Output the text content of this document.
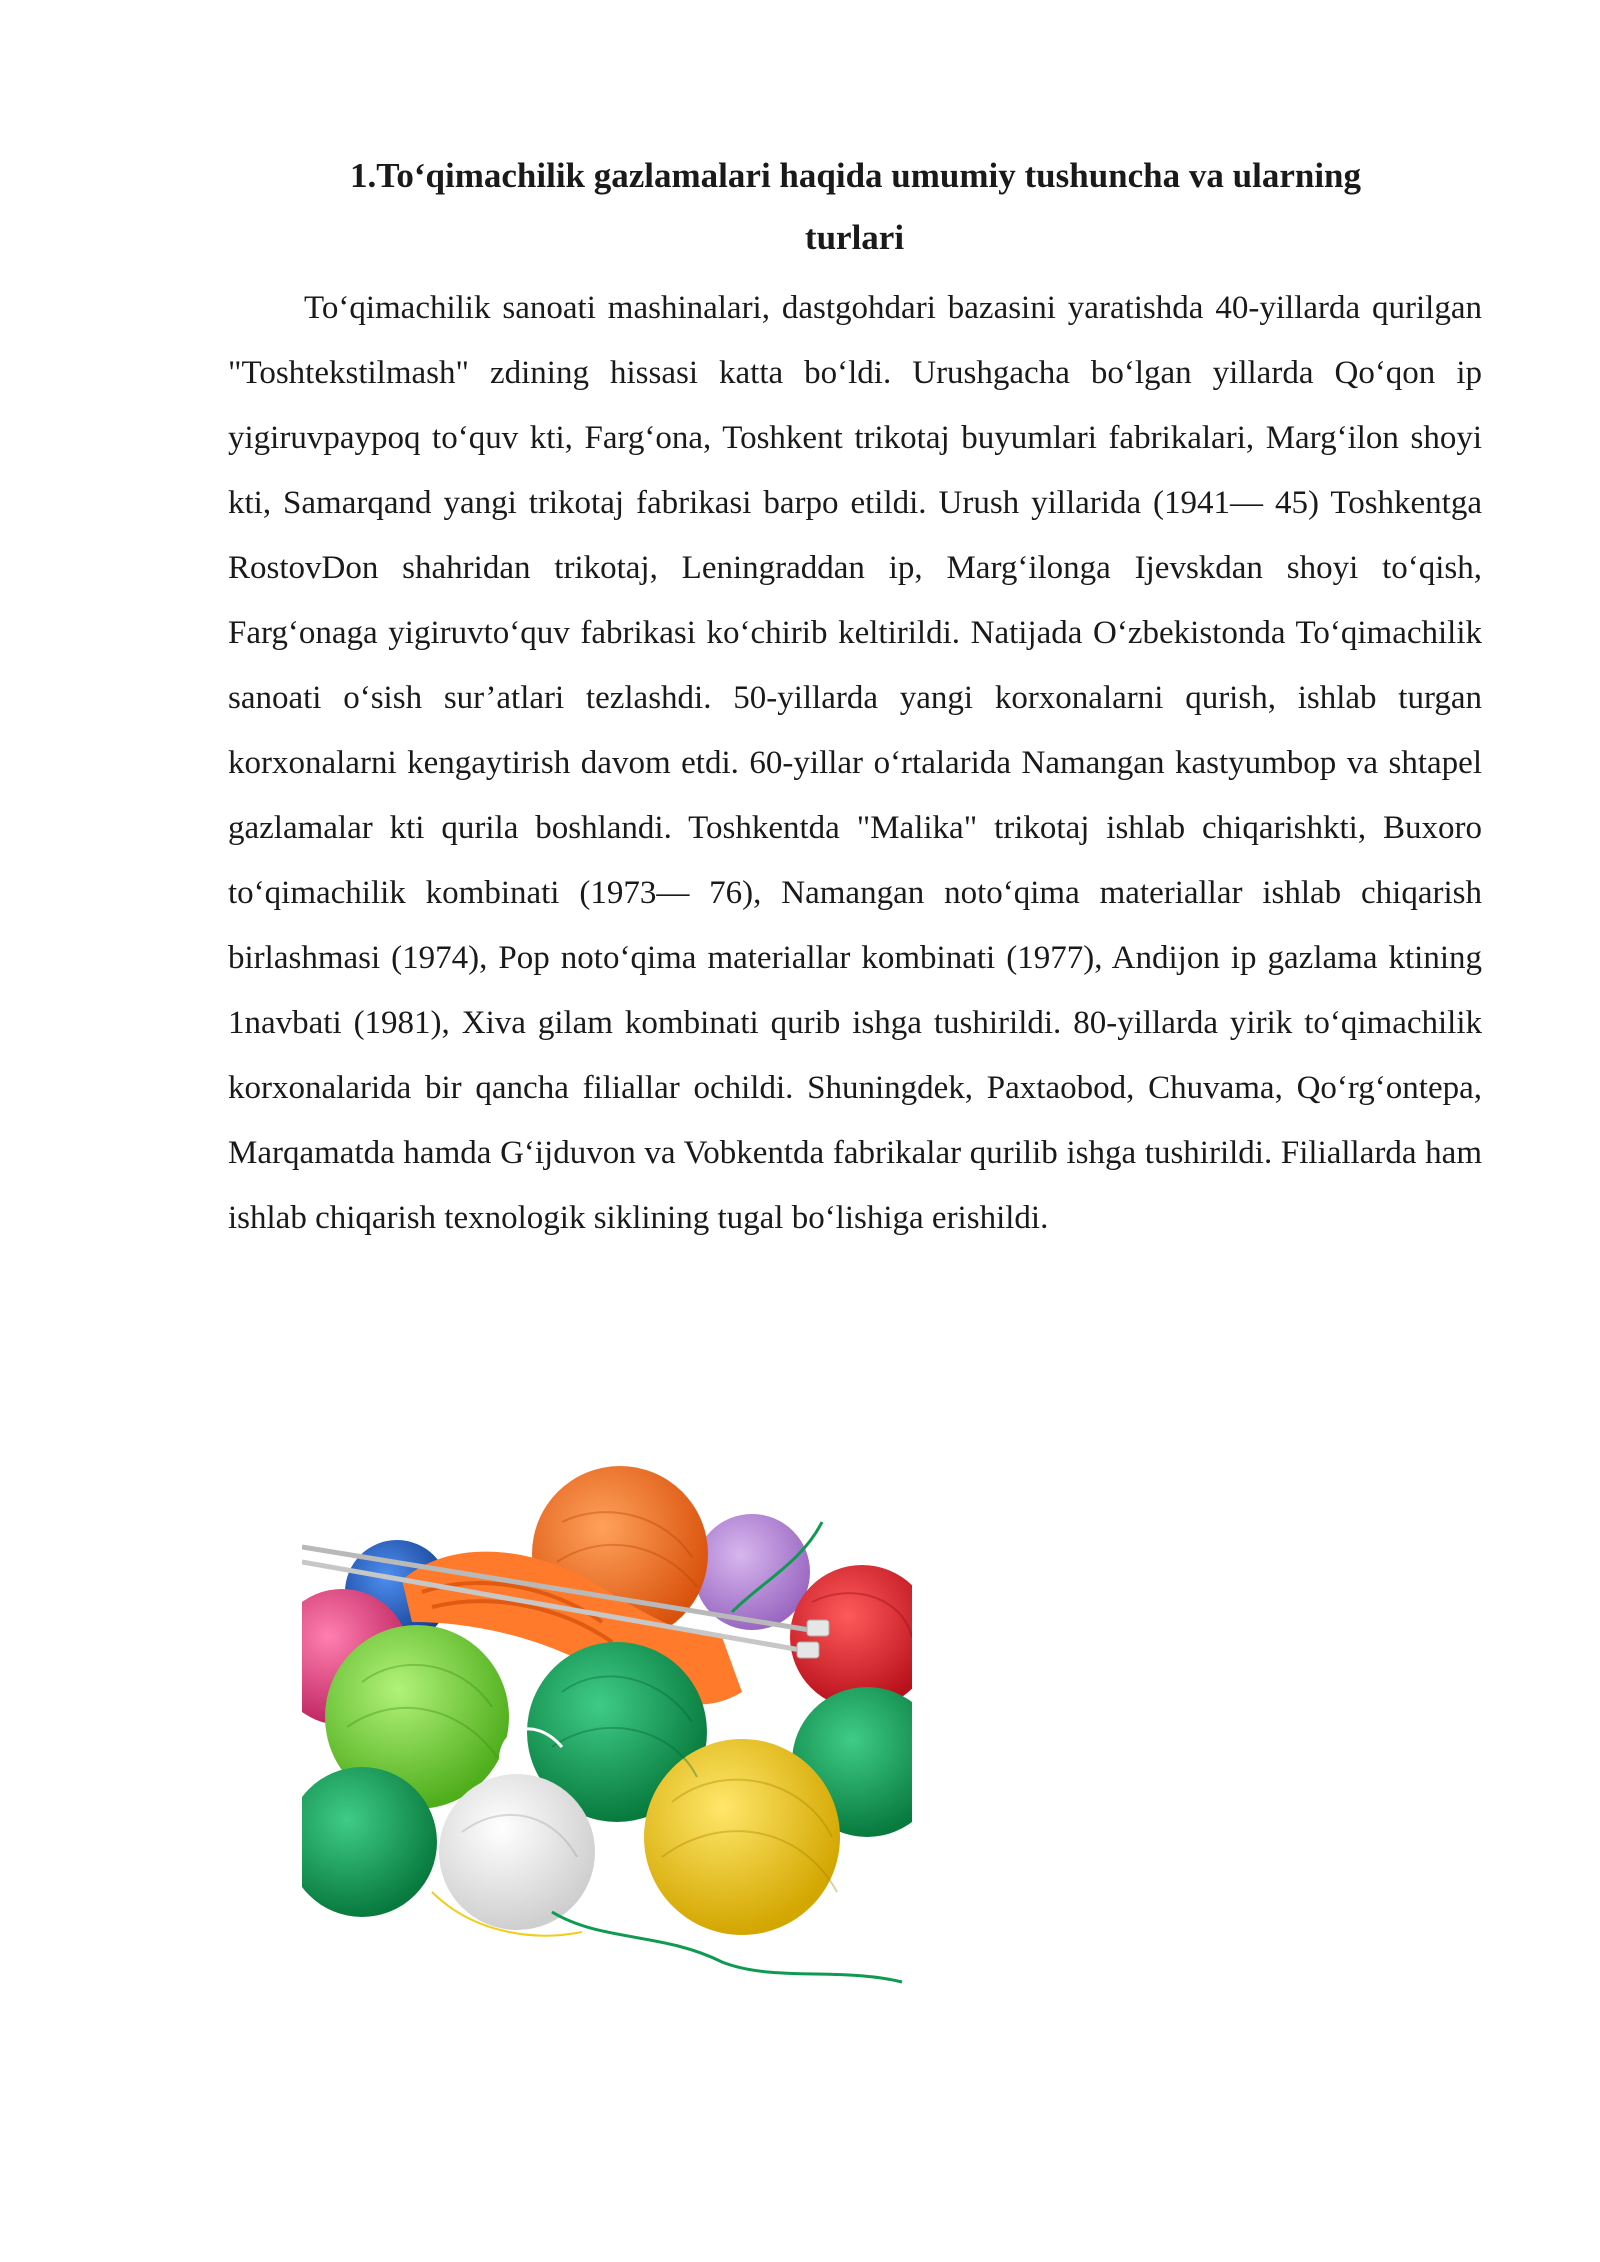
1.To‘qimachilik gazlamalari haqida umumiy tushuncha va ularning
turlari

To‘qimachilik sanoati mashinalari, dastgohdari bazasini yaratishda 40-yillarda qurilgan "Toshtekstilmash" zdining hissasi katta bo‘ldi. Urushgacha bo‘lgan yillarda Qo‘qon ip yigiruvpaypoq to‘quv kti, Farg‘ona, Toshkent trikotaj buyumlari fabrikalari, Marg‘ilon shoyi kti, Samarqand yangi trikotaj fabrikasi barpo etildi. Urush yillarida (1941— 45) Toshkentga RostovDon shahridan trikotaj, Leningraddan ip, Marg‘ilonga Ijevskdan shoyi to‘qish, Farg‘onaga yigiruvto‘quv fabrikasi ko‘chirib keltirildi. Natijada O‘zbekistonda To‘qimachilik sanoati o‘sish sur’atlari tezlashdi. 50-yillarda yangi korxonalarni qurish, ishlab turgan korxonalarni kengaytirish davom etdi. 60-yillar o‘rtalarida Namangan kastyumbop va shtapel gazlamalar kti qurila boshlandi. Toshkentda "Malika" trikotaj ishlab chiqarishkti, Buxoro to‘qimachilik kombinati (1973— 76), Namangan noto‘qima materiallar ishlab chiqarish birlashmasi (1974), Pop noto‘qima materiallar kombinati (1977), Andijon ip gazlama ktining 1navbati (1981), Xiva gilam kombinati qurib ishga tushirildi. 80-yillarda yirik to‘qimachilik korxonalarida bir qancha filiallar ochildi. Shuningdek, Paxtaobod, Chuvama, Qo‘rg‘ontepa, Marqamatda hamda G‘ijduvon va Vobkentda fabrikalar qurilib ishga tushirildi. Filiallarda ham ishlab chiqarish texnologik siklining tugal bo‘lishiga erishildi.
